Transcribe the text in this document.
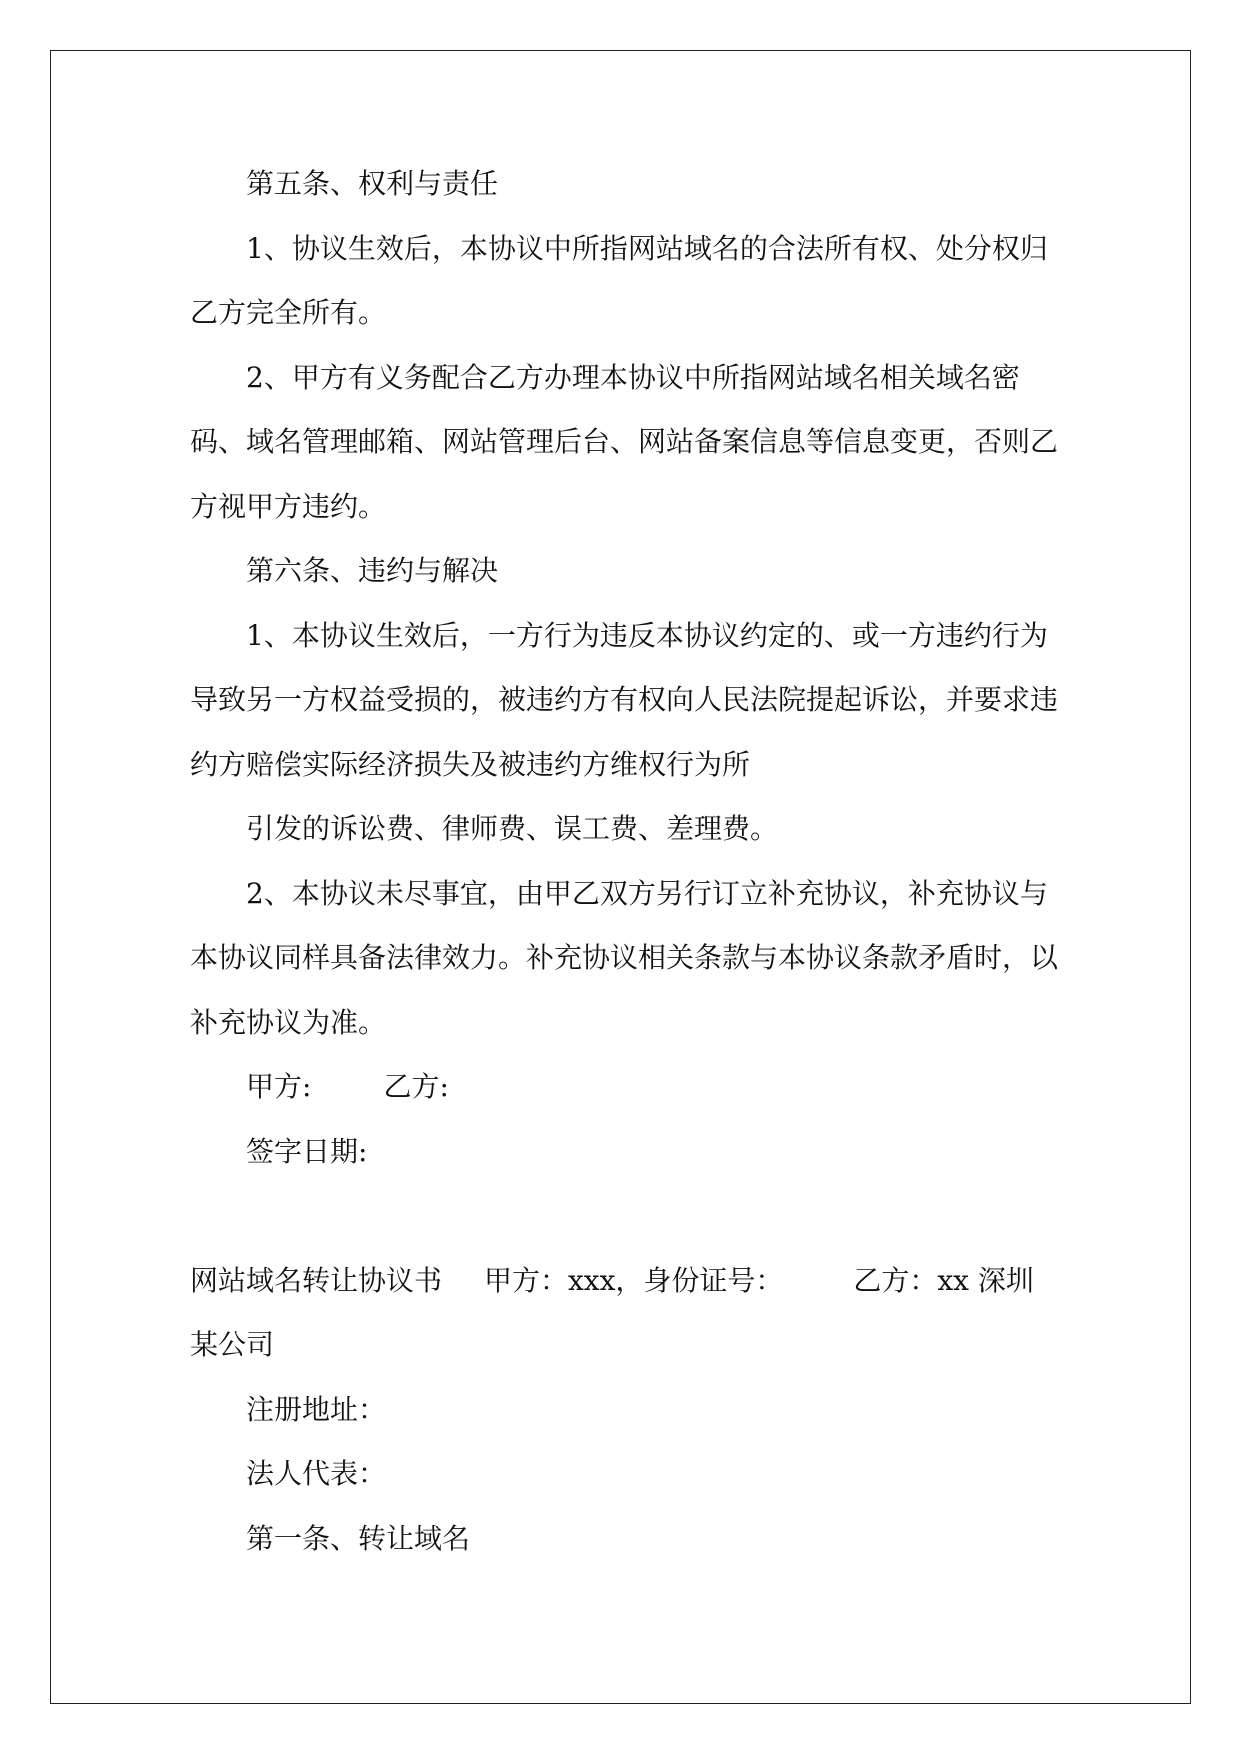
第五条、权利与责任

1、协议生效后，本协议中所指网站域名的合法所有权、处分权归乙方完全所有。

2、甲方有义务配合乙方办理本协议中所指网站域名相关域名密码、域名管理邮箱、网站管理后台、网站备案信息等信息变更，否则乙方视甲方违约。

第六条、违约与解决

1、本协议生效后，一方行为违反本协议约定的、或一方违约行为导致另一方权益受损的，被违约方有权向人民法院提起诉讼，并要求违约方赔偿实际经济损失及被违约方维权行为所

引发的诉讼费、律师费、误工费、差理费。

2、本协议未尽事宜，由甲乙双方另行订立补充协议，补充协议与本协议同样具备法律效力。补充协议相关条款与本协议条款矛盾时，以补充协议为准。

甲方:	乙方:

签字日期:

网站域名转让协议书 甲方：xxx，身份证号：	乙方：xx 深圳

某公司

注册地址：

法人代表：

第一条、转让域名
